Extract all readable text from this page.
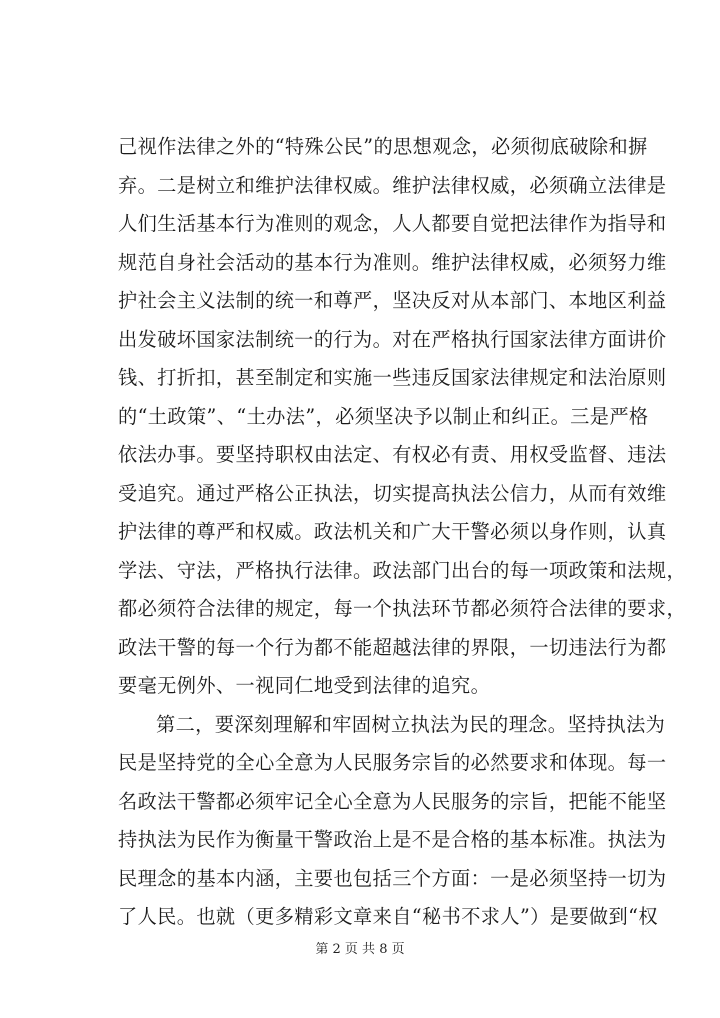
己视作法律之外的“特殊公民”的思想观念，必须彻底破除和摒
弃。二是树立和维护法律权威。维护法律权威，必须确立法律是
人们生活基本行为准则的观念，人人都要自觉把法律作为指导和
规范自身社会活动的基本行为准则。维护法律权威，必须努力维
护社会主义法制的统一和尊严，坚决反对从本部门、本地区利益
出发破坏国家法制统一的行为。对在严格执行国家法律方面讲价
钱、打折扣，甚至制定和实施一些违反国家法律规定和法治原则
的“土政策”、“土办法”，必须坚决予以制止和纠正。三是严格
依法办事。要坚持职权由法定、有权必有责、用权受监督、违法
受追究。通过严格公正执法，切实提高执法公信力，从而有效维
护法律的尊严和权威。政法机关和广大干警必须以身作则，认真
学法、守法，严格执行法律。政法部门出台的每一项政策和法规，
都必须符合法律的规定，每一个执法环节都必须符合法律的要求，
政法干警的每一个行为都不能超越法律的界限，一切违法行为都
要毫无例外、一视同仁地受到法律的追究。
第二，要深刻理解和牢固树立执法为民的理念。坚持执法为
民是坚持党的全心全意为人民服务宗旨的必然要求和体现。每一
名政法干警都必须牢记全心全意为人民服务的宗旨，把能不能坚
持执法为民作为衡量干警政治上是不是合格的基本标准。执法为
民理念的基本内涵，主要也包括三个方面：一是必须坚持一切为
了人民。也就（更多精彩文章来自“秘书不求人”）是要做到“权
第 2 页 共 8 页
